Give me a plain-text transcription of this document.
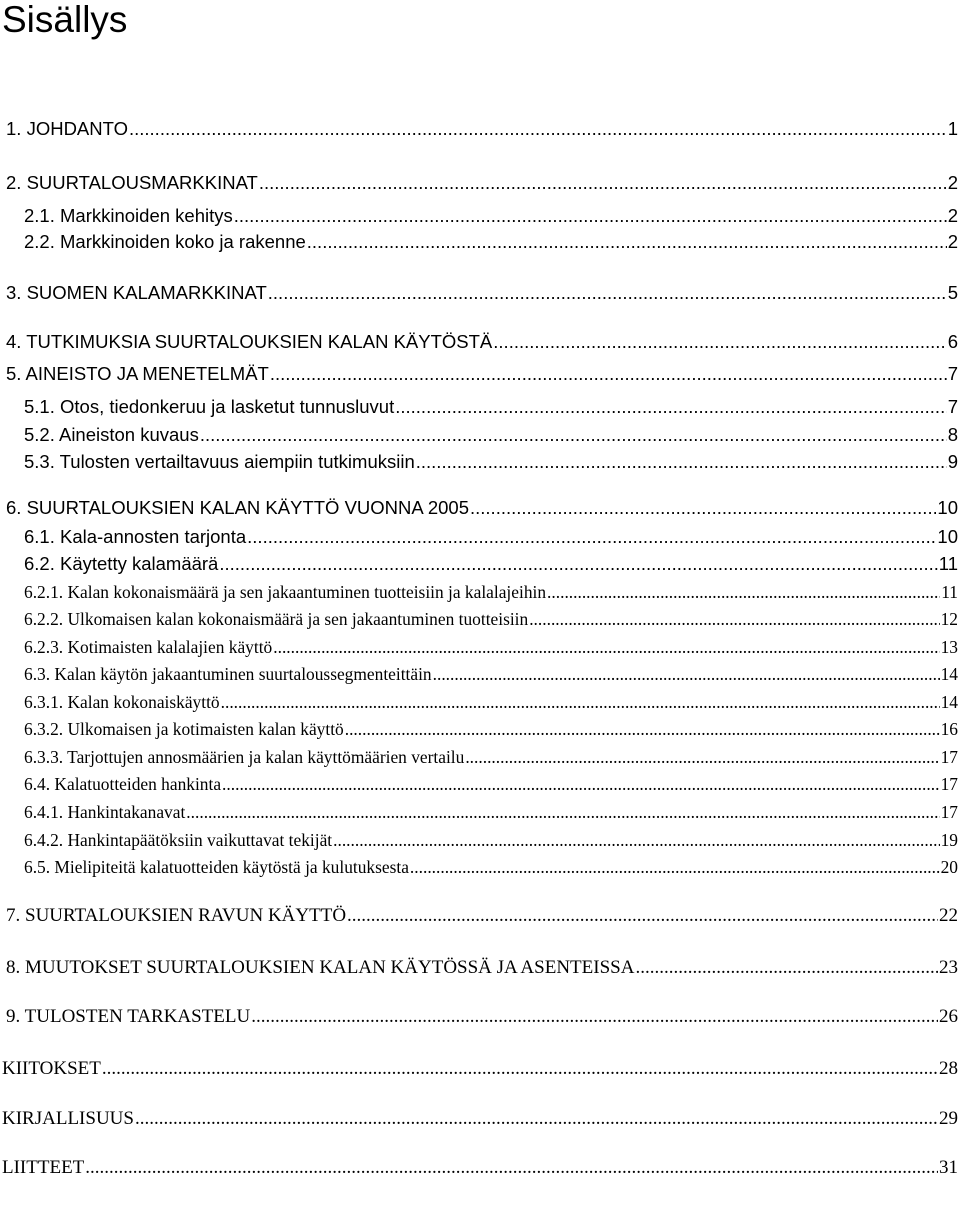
Sisällys
1. JOHDANTO .....	1
2. SUURTALOUSMARKKINAT .....	2
2.1. Markkinoiden kehitys .....	2
2.2. Markkinoiden koko ja rakenne .....	2
3. SUOMEN KALAMARKKINAT .....	5
4. TUTKIMUKSIA SUURTALOUKSIEN KALAN KÄYTÖSTÄ .....	6
5. AINEISTO JA MENETELMÄT .....	7
5.1. Otos, tiedonkeruu ja lasketut tunnusluvut .....	7
5.2. Aineiston kuvaus .....	8
5.3. Tulosten vertailtavuus aiempiin tutkimuksiin .....	9
6. SUURTALOUKSIEN KALAN KÄYTTÖ VUONNA 2005 .....	10
6.1. Kala-annosten tarjonta .....	10
6.2. Käytetty kalamäärä .....	11
6.2.1. Kalan kokonaismäärä ja sen jakaantuminen tuotteisiin ja kalalajeihin .....	11
6.2.2. Ulkomaisen kalan kokonaismäärä ja sen jakaantuminen tuotteisiin .....	12
6.2.3. Kotimaisten kalalajien käyttö .....	13
6.3. Kalan käytön jakaantuminen suurtaloussegmenteittäin .....	14
6.3.1. Kalan kokonaiskäyttö .....	14
6.3.2. Ulkomaisen ja kotimaisten kalan käyttö .....	16
6.3.3. Tarjottujen annosmäärien ja kalan käyttömäärien vertailu .....	17
6.4. Kalatuotteiden hankinta .....	17
6.4.1. Hankintakanavat .....	17
6.4.2. Hankintapäätöksiin vaikuttavat tekijät .....	19
6.5. Mielipiteitä kalatuotteiden käytöstä ja kulutuksesta .....	20
7. SUURTALOUKSIEN RAVUN KÄYTTÖ .....	22
8. MUUTOKSET SUURTALOUKSIEN KALAN KÄYTÖSSÄ JA ASENTEISSA .....	23
9. TULOSTEN TARKASTELU .....	26
KIITOKSET .....	28
KIRJALLISUUS .....	29
LIITTEET .....	31
